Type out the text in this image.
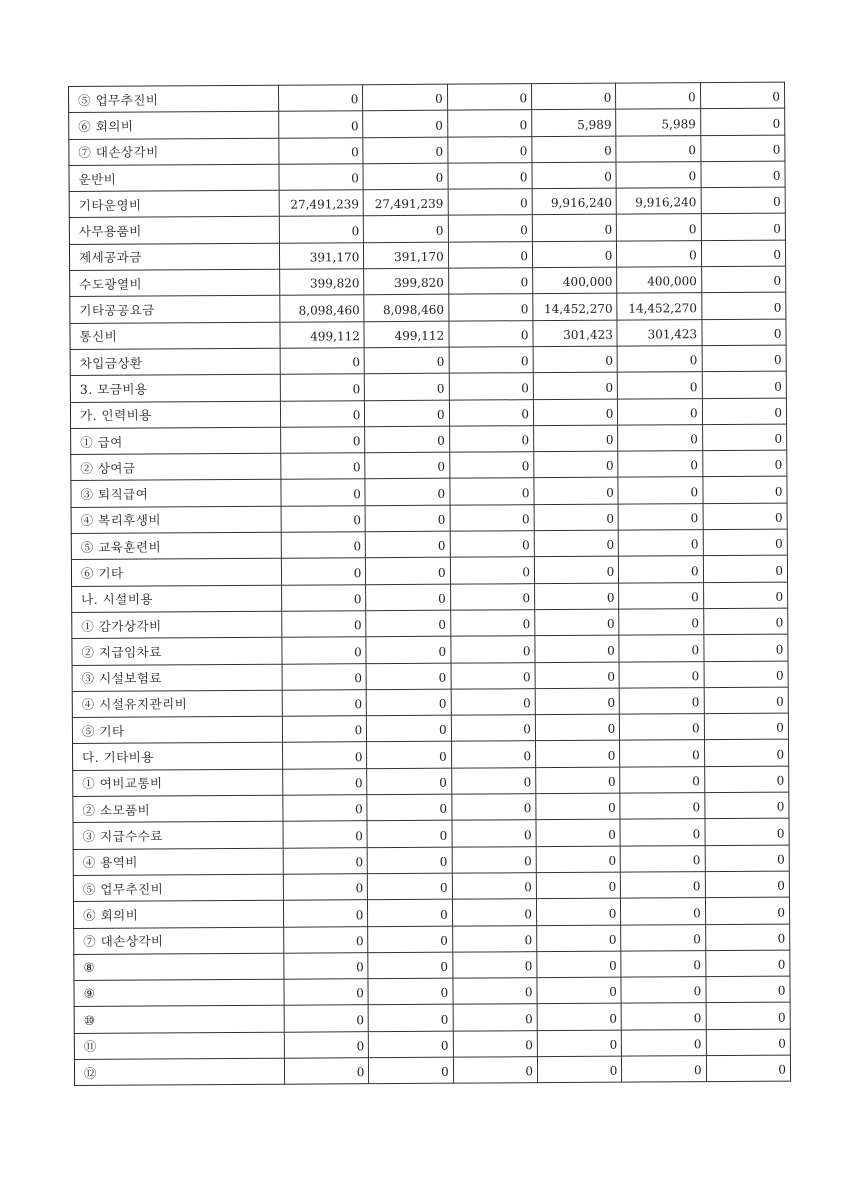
⑤ 업무추진비	0	0	0	0	0	0
⑥ 회의비	0	0	0	5,989	5,989	0
⑦ 대손상각비	0	0	0	0	0	0
운반비	0	0	0	0	0	0
기타운영비	27,491,239	27,491,239	0	9,916,240	9,916,240	0
사무용품비	0	0	0	0	0	0
제세공과금	391,170	391,170	0	0	0	0
수도광열비	399,820	399,820	0	400,000	400,000	0
기타공공요금	8,098,460	8,098,460	0	14,452,270	14,452,270	0
통신비	499,112	499,112	0	301,423	301,423	0
차입금상환	0	0	0	0	0	0
3. 모금비용	0	0	0	0	0	0
가. 인력비용	0	0	0	0	0	0
① 급여	0	0	0	0	0	0
② 상여금	0	0	0	0	0	0
③ 퇴직급여	0	0	0	0	0	0
④ 복리후생비	0	0	0	0	0	0
⑤ 교육훈련비	0	0	0	0	0	0
⑥ 기타	0	0	0	0	0	0
나. 시설비용	0	0	0	0	0	0
① 감가상각비	0	0	0	0	0	0
② 지급임차료	0	0	0	0	0	0
③ 시설보험료	0	0	0	0	0	0
④ 시설유지관리비	0	0	0	0	0	0
⑤ 기타	0	0	0	0	0	0
다. 기타비용	0	0	0	0	0	0
① 여비교통비	0	0	0	0	0	0
② 소모품비	0	0	0	0	0	0
③ 지급수수료	0	0	0	0	0	0
④ 용역비	0	0	0	0	0	0
⑤ 업무추진비	0	0	0	0	0	0
⑥ 회의비	0	0	0	0	0	0
⑦ 대손상각비	0	0	0	0	0	0
⑧	0	0	0	0	0	0
⑨	0	0	0	0	0	0
⑩	0	0	0	0	0	0
⑪	0	0	0	0	0	0
⑫	0	0	0	0	0	0
